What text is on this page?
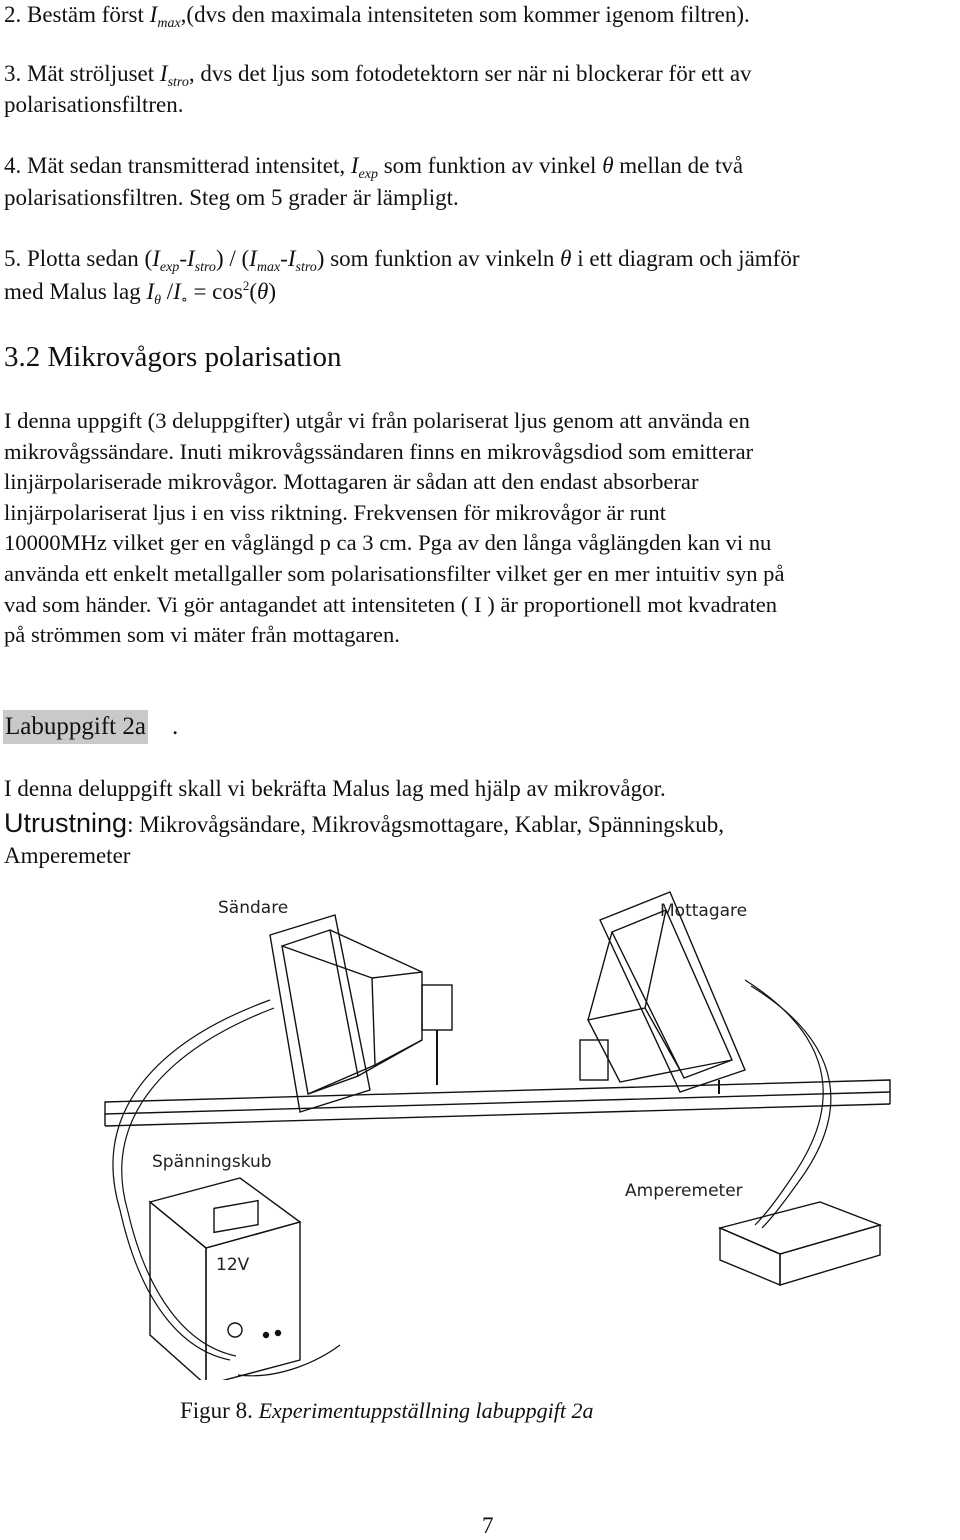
2. Bestäm först $I_{max},(dvs$ den maximala intensiteten som kommer igenom filtren).
3. Mät ströljuset $I_{stro}$, dvs det ljus som fotodetektorn ser när ni blockerar för ett av
polarisationsfiltren.
4. Mät sedan transmitterad intensitet, $I_{exp}$ som funktion av vinkel θ mellan de två
polarisationsfiltren. Steg om 5 grader är lämpligt.
5. Plotta sedan $(I_{exp}-I_{stro}) / (I_{max}-I_{stro})$ som funktion av vinkeln θ i ett diagram och jämför
med Malus lag $I_\theta$ $/I_\circ = \cos^2(\theta)$
3.2 Mikrovågors polarisation
I denna uppgift (3 deluppgifter) utgår vi från polariserat ljus genom att använda en
mikrovågssändare. Inuti mikrovågssändaren finns en mikrovågsdiod som emitterar
linjärpolariserade mikrovågor. Mottagaren är sådan att den endast absorberar
linjärpolariserat ljus i en viss riktning. Frekvensen för mikrovågor är runt
10000MHz vilket ger en våglängd p ca 3 cm. Pga av den långa våglängden kan vi nu
använda ett enkelt metallgaller som polarisationsfilter vilket ger en mer intuitiv syn på
vad som händer. Vi gör antagandet att intensiteten ( I ) är proportionell mot kvadraten
på strömmen som vi mäter från mottagaren.
Labuppgift 2a .
I denna deluppgift skall vi bekräfta Malus lag med hjälp av mikrovågor.
Utrustning: Mikrovågsändare, Mikrovågsmottagare, Kablar, Spänningskub,
Amperemeter
Sändare	Mottagare
Spänningskub
Amperemeter
12V
Figur 8. Experimentuppställning labuppgift 2a
7
